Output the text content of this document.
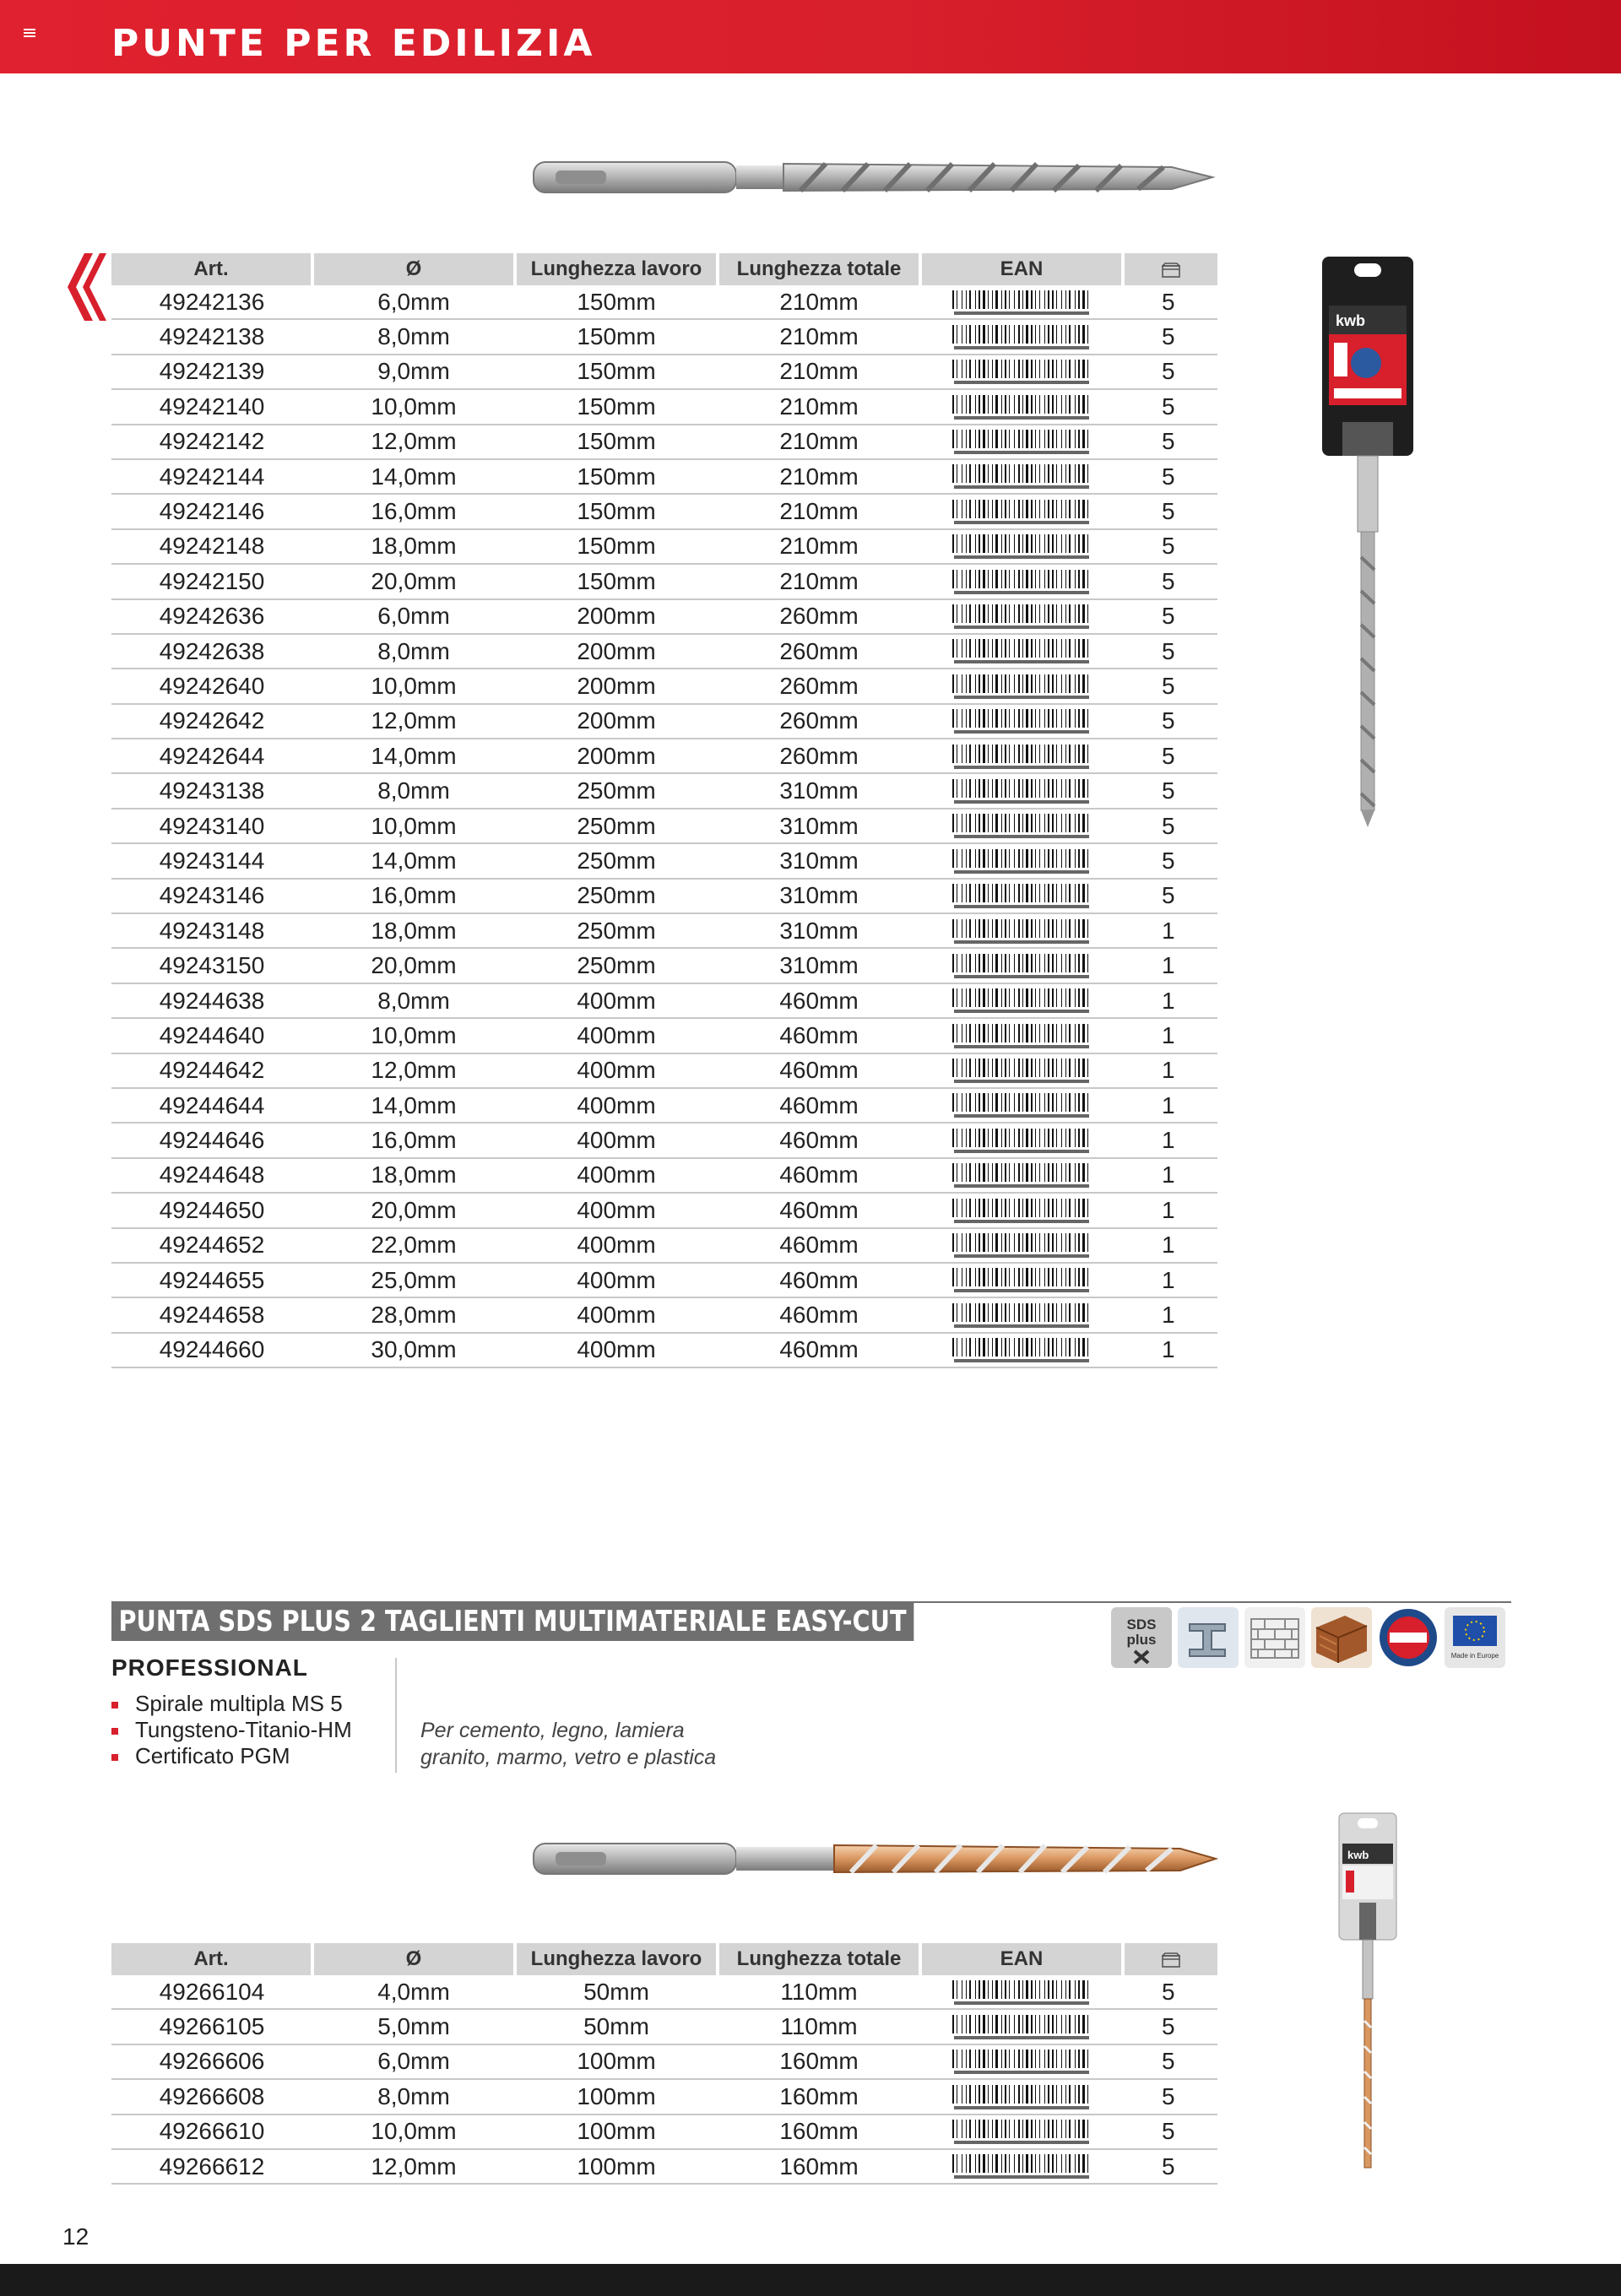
PUNTE PER EDILIZIA
Art.	Ø	Lunghezza lavoro	Lunghezza totale	EAN	
49242136	6,0mm	150mm	210mm		5
49242138	8,0mm	150mm	210mm		5
49242139	9,0mm	150mm	210mm		5
49242140	10,0mm	150mm	210mm		5
49242142	12,0mm	150mm	210mm		5
49242144	14,0mm	150mm	210mm		5
49242146	16,0mm	150mm	210mm		5
49242148	18,0mm	150mm	210mm		5
49242150	20,0mm	150mm	210mm		5
49242636	6,0mm	200mm	260mm		5
49242638	8,0mm	200mm	260mm		5
49242640	10,0mm	200mm	260mm		5
49242642	12,0mm	200mm	260mm		5
49242644	14,0mm	200mm	260mm		5
49243138	8,0mm	250mm	310mm		5
49243140	10,0mm	250mm	310mm		5
49243144	14,0mm	250mm	310mm		5
49243146	16,0mm	250mm	310mm		5
49243148	18,0mm	250mm	310mm		1
49243150	20,0mm	250mm	310mm		1
49244638	8,0mm	400mm	460mm		1
49244640	10,0mm	400mm	460mm		1
49244642	12,0mm	400mm	460mm		1
49244644	14,0mm	400mm	460mm		1
49244646	16,0mm	400mm	460mm		1
49244648	18,0mm	400mm	460mm		1
49244650	20,0mm	400mm	460mm		1
49244652	22,0mm	400mm	460mm		1
49244655	25,0mm	400mm	460mm		1
49244658	28,0mm	400mm	460mm		1
49244660	30,0mm	400mm	460mm		1
kwb
PUNTA SDS PLUS 2 TAGLIENTI MULTIMATERIALE EASY-CUT	SDS
plus
Made in Europe
PROFESSIONAL
Spirale multipla MS 5
Tungsteno-Titanio-HM
Certificato PGM
Per cemento, legno, lamiera
granito, marmo, vetro e plastica
Art.	Ø	Lunghezza lavoro	Lunghezza totale	EAN	
49266104	4,0mm	50mm	110mm		5
49266105	5,0mm	50mm	110mm		5
49266606	6,0mm	100mm	160mm		5
49266608	8,0mm	100mm	160mm		5
49266610	10,0mm	100mm	160mm		5
49266612	12,0mm	100mm	160mm		5
kwb
12
